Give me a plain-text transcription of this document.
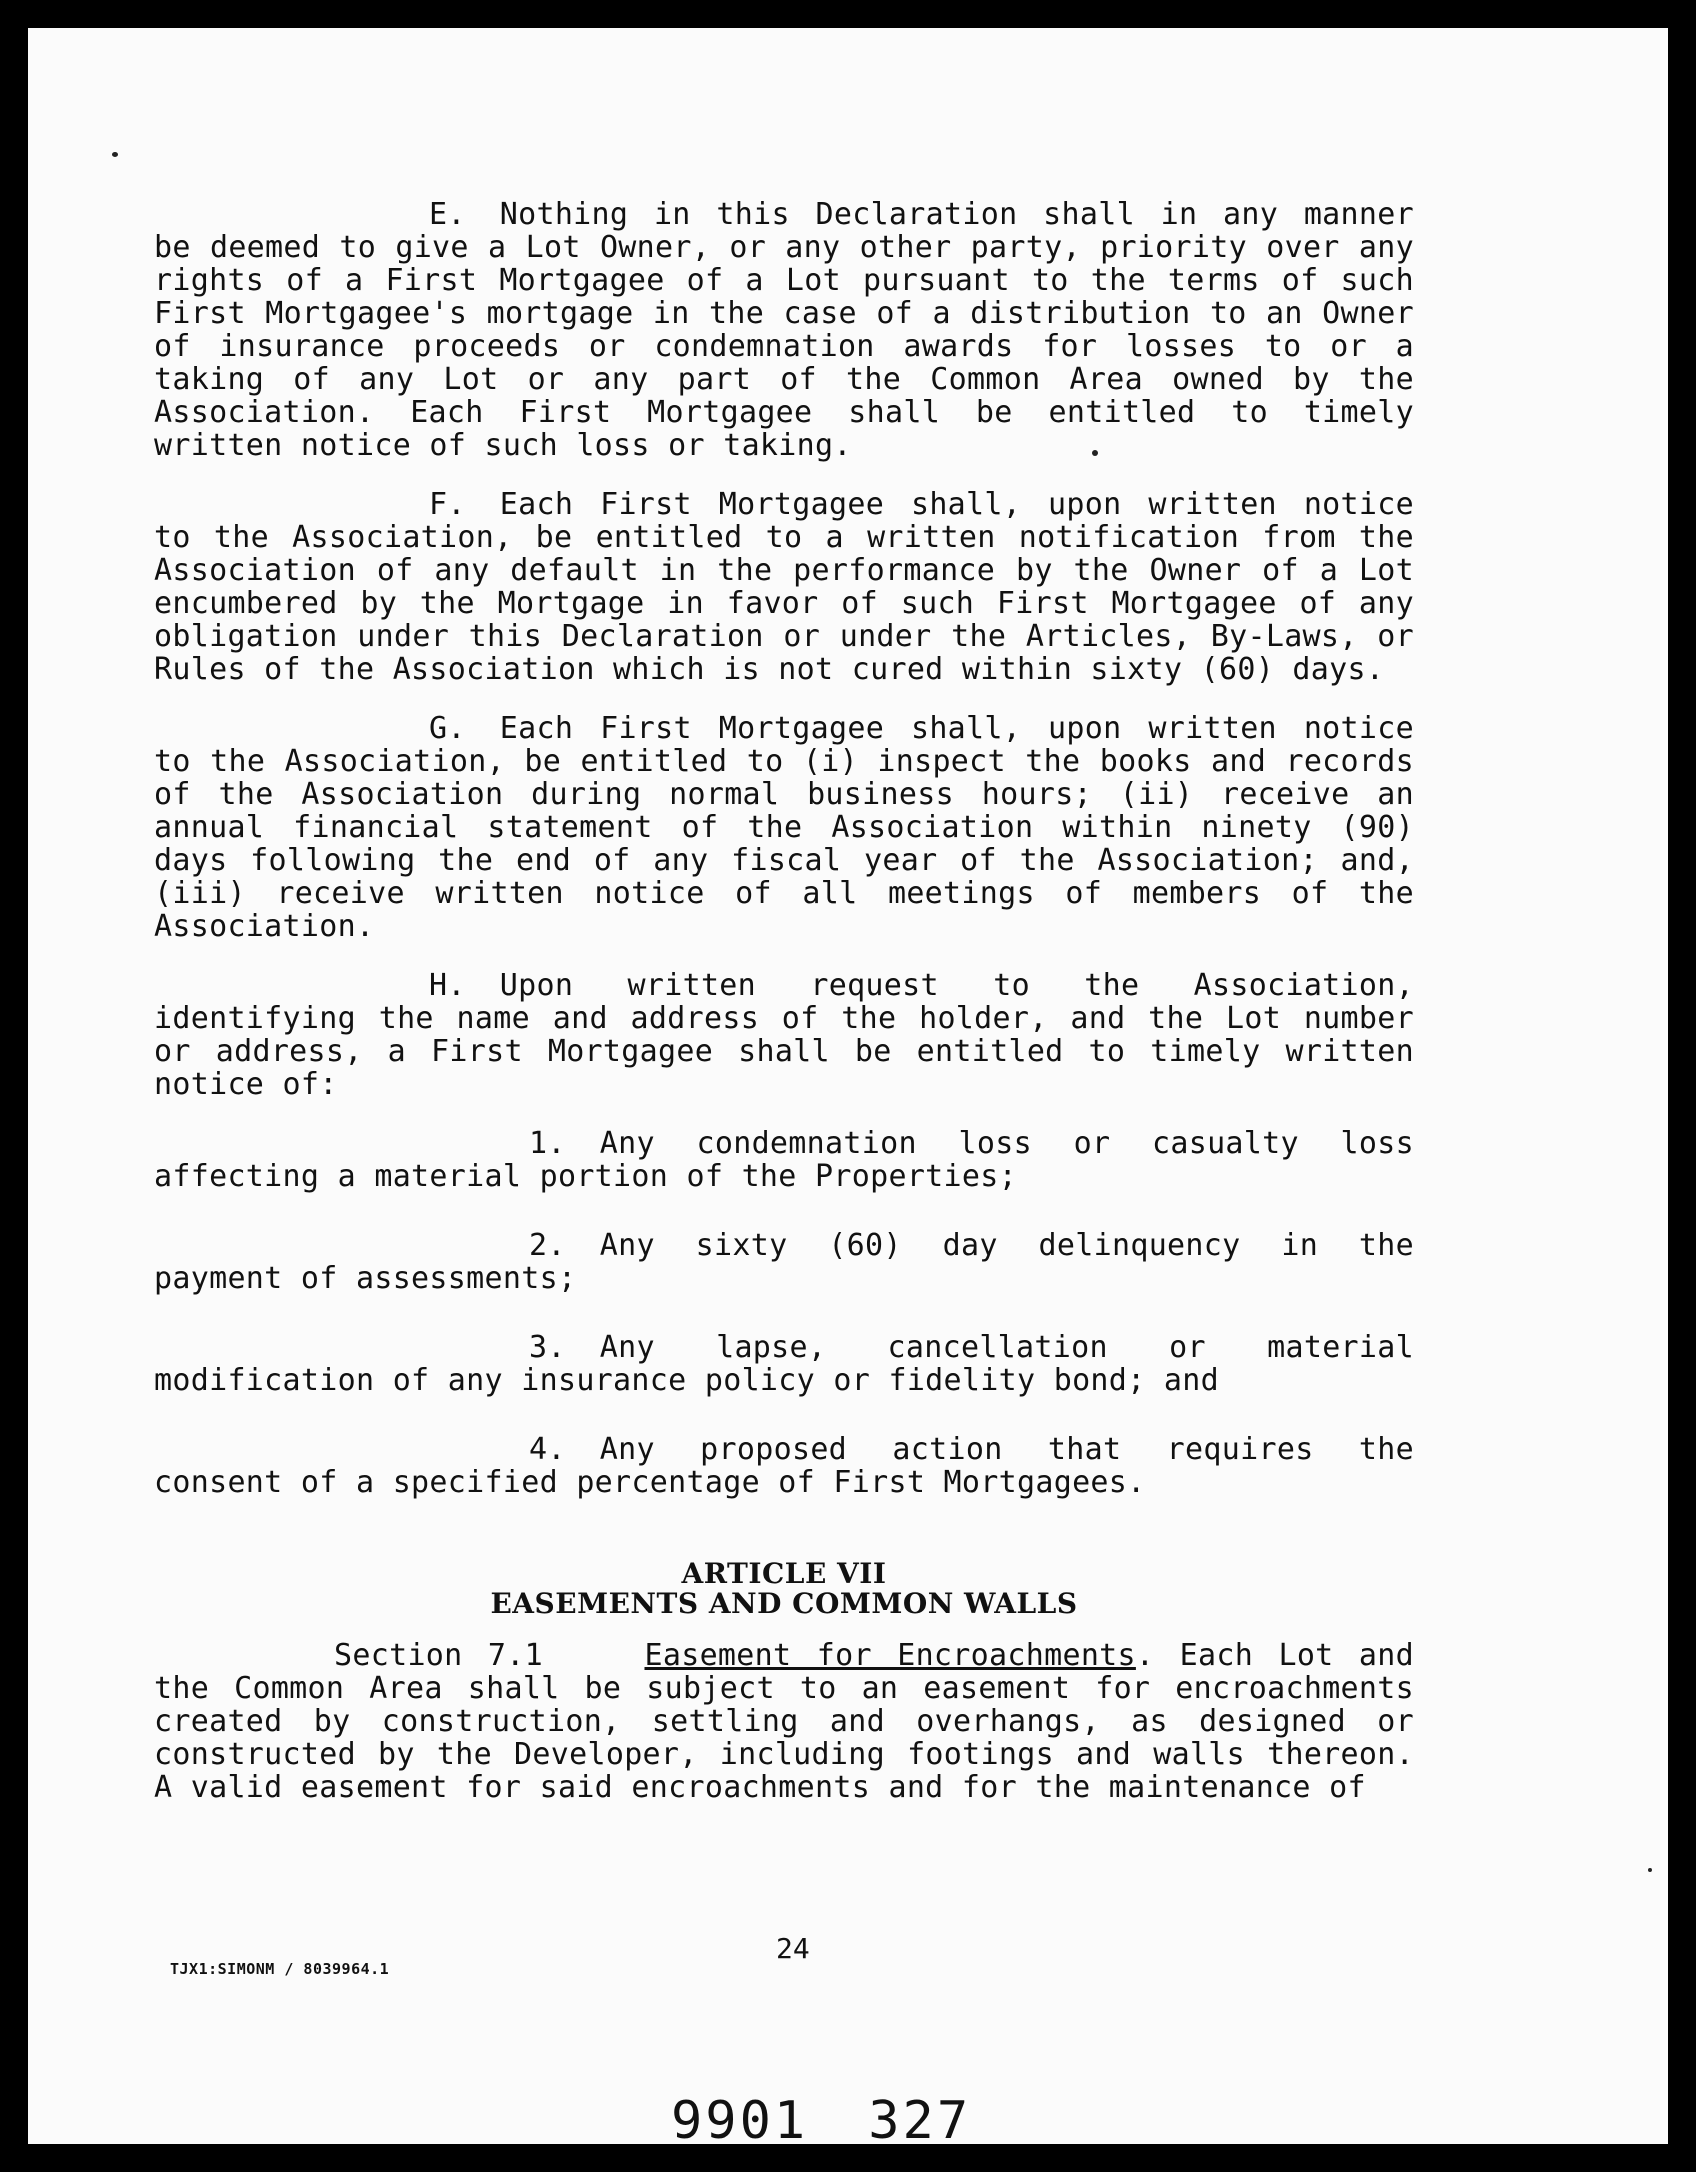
E. Nothing in this Declaration shall in any manner be deemed to give a Lot Owner, or any other party, priority over any rights of a First Mortgagee of a Lot pursuant to the terms of such First Mortgagee's mortgage in the case of a distribution to an Owner of insurance proceeds or condemnation awards for losses to or a taking of any Lot or any part of the Common Area owned by the Association. Each First Mortgagee shall be entitled to timely written notice of such loss or taking.

F. Each First Mortgagee shall, upon written notice to the Association, be entitled to a written notification from the Association of any default in the performance by the Owner of a Lot encumbered by the Mortgage in favor of such First Mortgagee of any obligation under this Declaration or under the Articles, By-Laws, or Rules of the Association which is not cured within sixty (60) days.

G. Each First Mortgagee shall, upon written notice to the Association, be entitled to (i) inspect the books and records of the Association during normal business hours; (ii) receive an annual financial statement of the Association within ninety (90) days following the end of any fiscal year of the Association; and, (iii) receive written notice of all meetings of members of the Association.

H. Upon written request to the Association, identifying the name and address of the holder, and the Lot number or address, a First Mortgagee shall be entitled to timely written notice of:

1. Any condemnation loss or casualty loss affecting a material portion of the Properties;

2. Any sixty (60) day delinquency in the payment of assessments;

3. Any lapse, cancellation or material modification of any insurance policy or fidelity bond; and

4. Any proposed action that requires the consent of a specified percentage of First Mortgagees.

ARTICLE VII
EASEMENTS AND COMMON WALLS

Section 7.1	Easement for Encroachments. Each Lot and the Common Area shall be subject to an easement for encroachments created by construction, settling and overhangs, as designed or constructed by the Developer, including footings and walls thereon. A valid easement for said encroachments and for the maintenance of

24
TJX1:SIMONM / 8039964.1
9901 327
